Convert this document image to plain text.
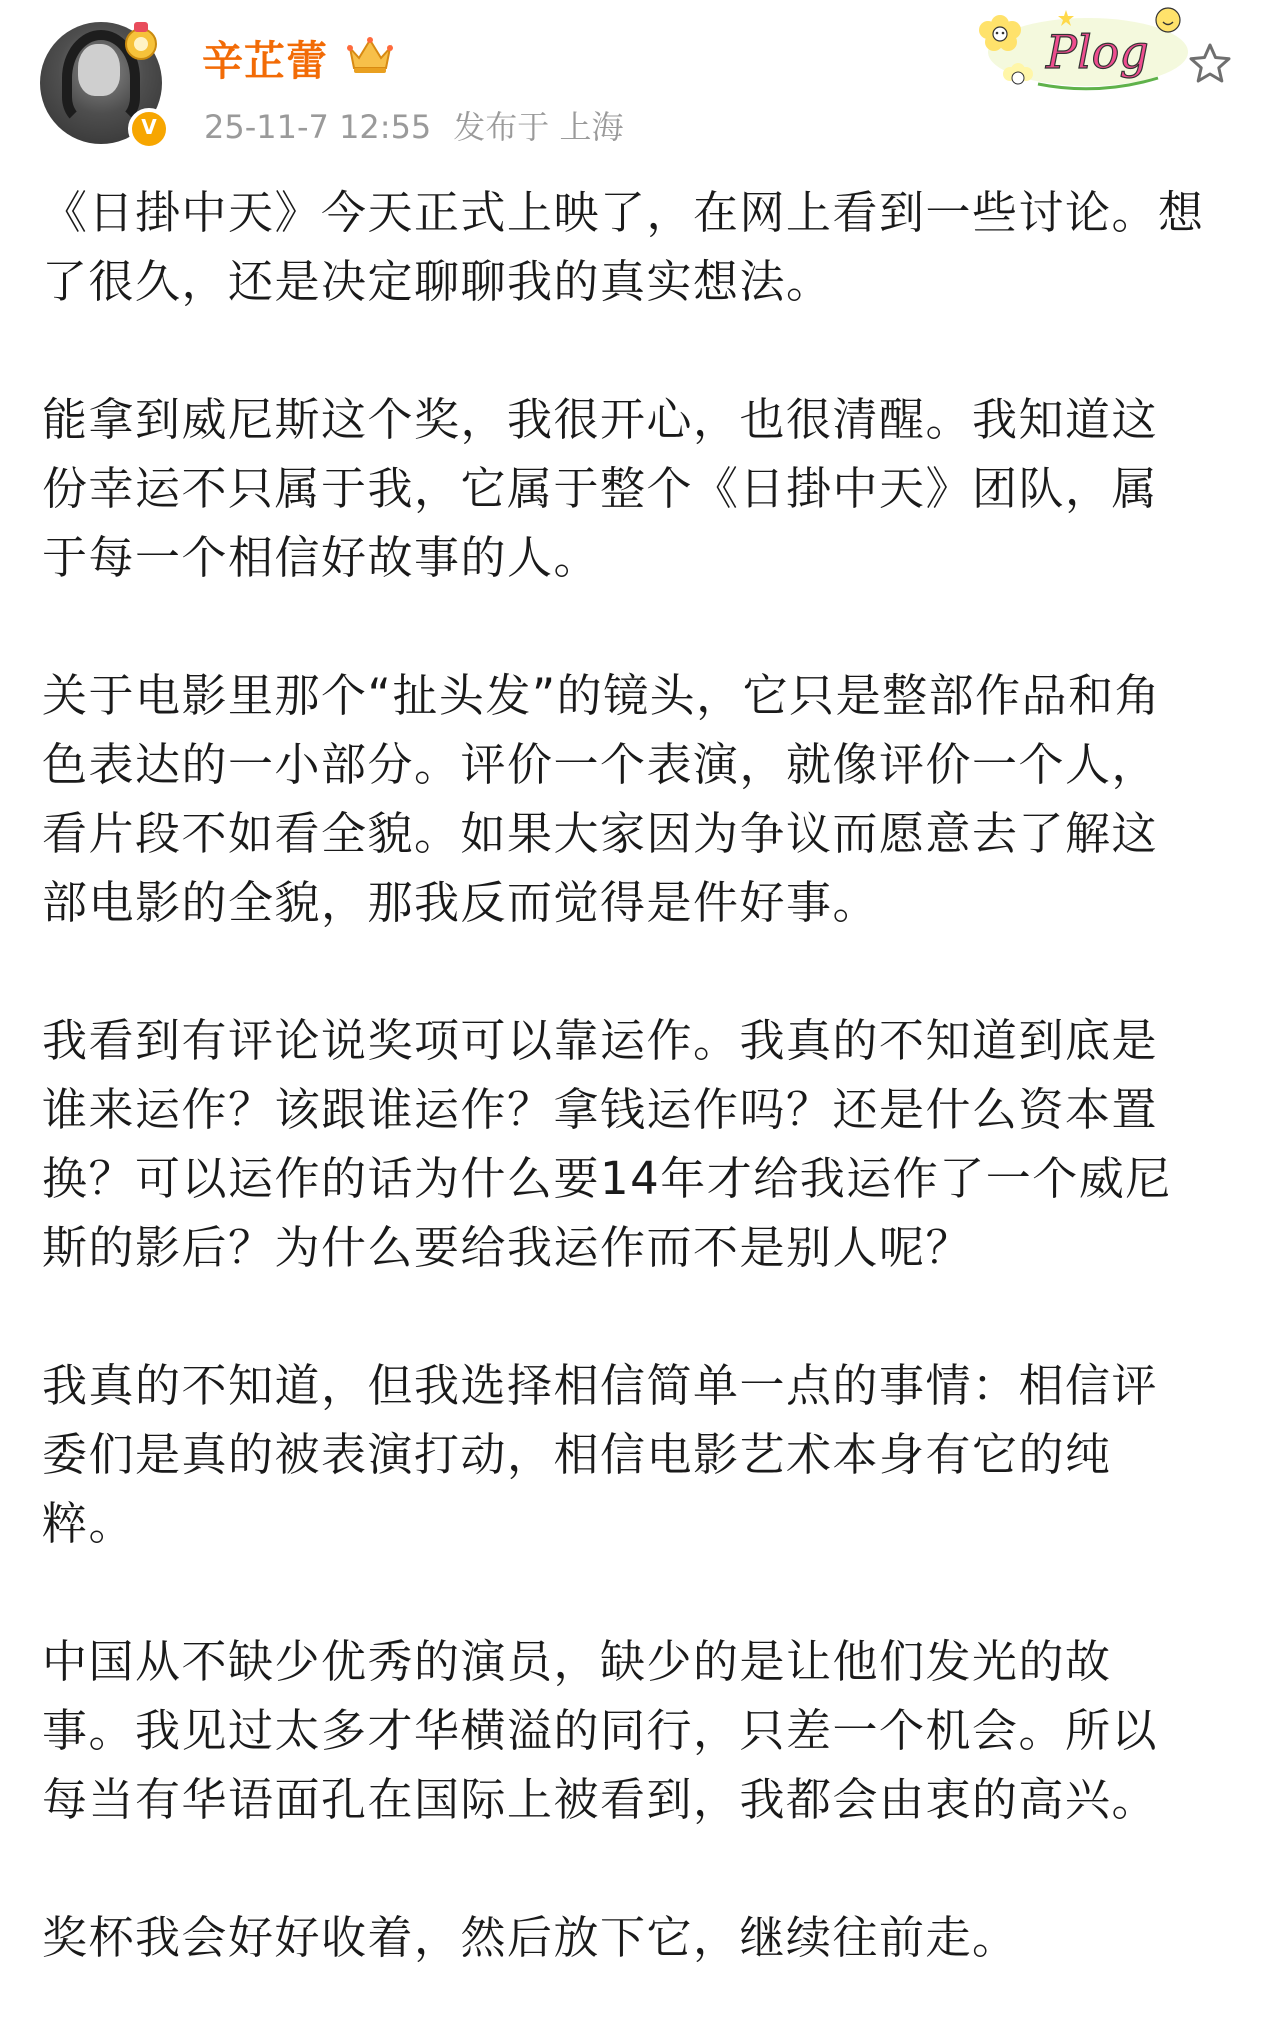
V
辛芷蕾
25-11-7 12:55 发布于 上海
Plog

《日掛中天》今天正式上映了，在网上看到一些讨论。想
了很久，还是决定聊聊我的真实想法。

能拿到威尼斯这个奖，我很开心，也很清醒。我知道这
份幸运不只属于我，它属于整个《日掛中天》团队，属
于每一个相信好故事的人。

关于电影里那个“扯头发”的镜头，它只是整部作品和角
色表达的一小部分。评价一个表演，就像评价一个人，
看片段不如看全貌。如果大家因为争议而愿意去了解这
部电影的全貌，那我反而觉得是件好事。

我看到有评论说奖项可以靠运作。我真的不知道到底是
谁来运作？该跟谁运作？拿钱运作吗？还是什么资本置
换？可以运作的话为什么要14年才给我运作了一个威尼
斯的影后？为什么要给我运作而不是别人呢？

我真的不知道，但我选择相信简单一点的事情：相信评
委们是真的被表演打动，相信电影艺术本身有它的纯
粹。

中国从不缺少优秀的演员，缺少的是让他们发光的故
事。我见过太多才华横溢的同行，只差一个机会。所以
每当有华语面孔在国际上被看到，我都会由衷的高兴。

奖杯我会好好收着，然后放下它，继续往前走。
